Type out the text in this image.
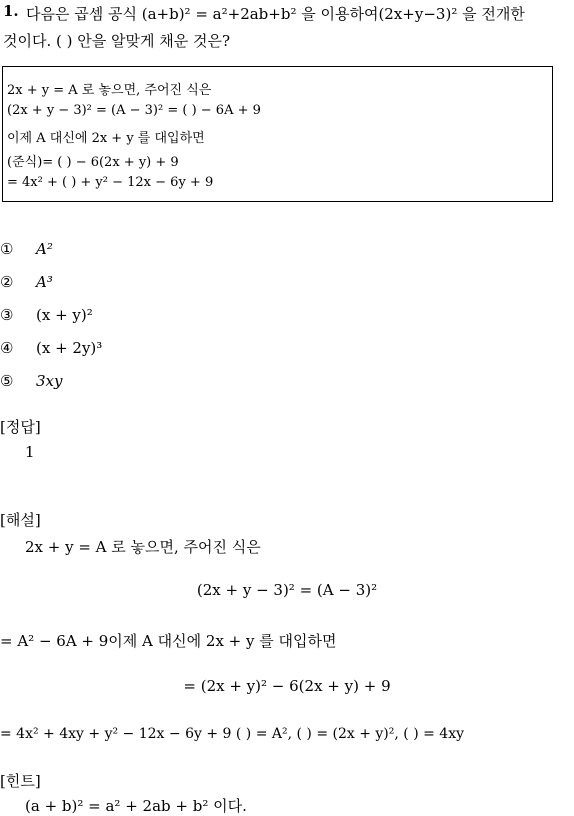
1. 다음은 곱셈 공식 (a+b)² = a²+2ab+b² 을 이용하여(2x+y−3)² 을 전개한
것이다. ( ) 안을 알맞게 채운 것은?
2x + y = A 로 놓으면, 주어진 식은
(2x + y − 3)² = (A − 3)² = ( ) − 6A + 9
이제 A 대신에 2x + y 를 대입하면
(준식)= ( ) − 6(2x + y) + 9
= 4x² + ( ) + y² − 12x − 6y + 9
① A²
② A³
③ (x + y)²
④ (x + 2y)³
⑤ 3xy
[정답]
1
[해설]
2x + y = A 로 놓으면, 주어진 식은
(2x + y − 3)² = (A − 3)²
= A² − 6A + 9이제 A 대신에 2x + y 를 대입하면
= (2x + y)² − 6(2x + y) + 9
= 4x² + 4xy + y² − 12x − 6y + 9 ( ) = A², ( ) = (2x + y)², ( ) = 4xy
[힌트]
(a + b)² = a² + 2ab + b² 이다.
